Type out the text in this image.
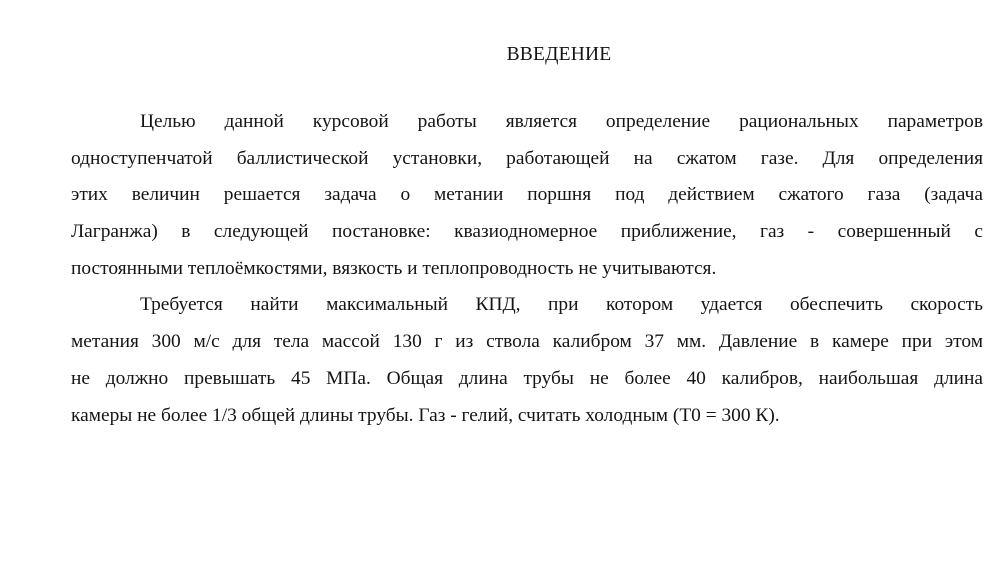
ВВЕДЕНИЕ
Целью данной курсовой работы является определение рациональных параметров
одноступенчатой баллистической установки, работающей на сжатом газе. Для определения
этих величин решается задача о метании поршня под действием сжатого газа (задача
Лагранжа) в следующей постановке: квазиодномерное приближение, газ - совершенный с
постоянными теплоёмкостями, вязкость и теплопроводность не учитываются.
Требуется найти максимальный КПД, при котором удается обеспечить скорость
метания 300 м/с для тела массой 130 г из ствола калибром 37 мм. Давление в камере при этом
не должно превышать 45 МПа. Общая длина трубы не более 40 калибров, наибольшая длина
камеры не более 1/3 общей длины трубы. Газ - гелий, считать холодным (T0 = 300 К).
